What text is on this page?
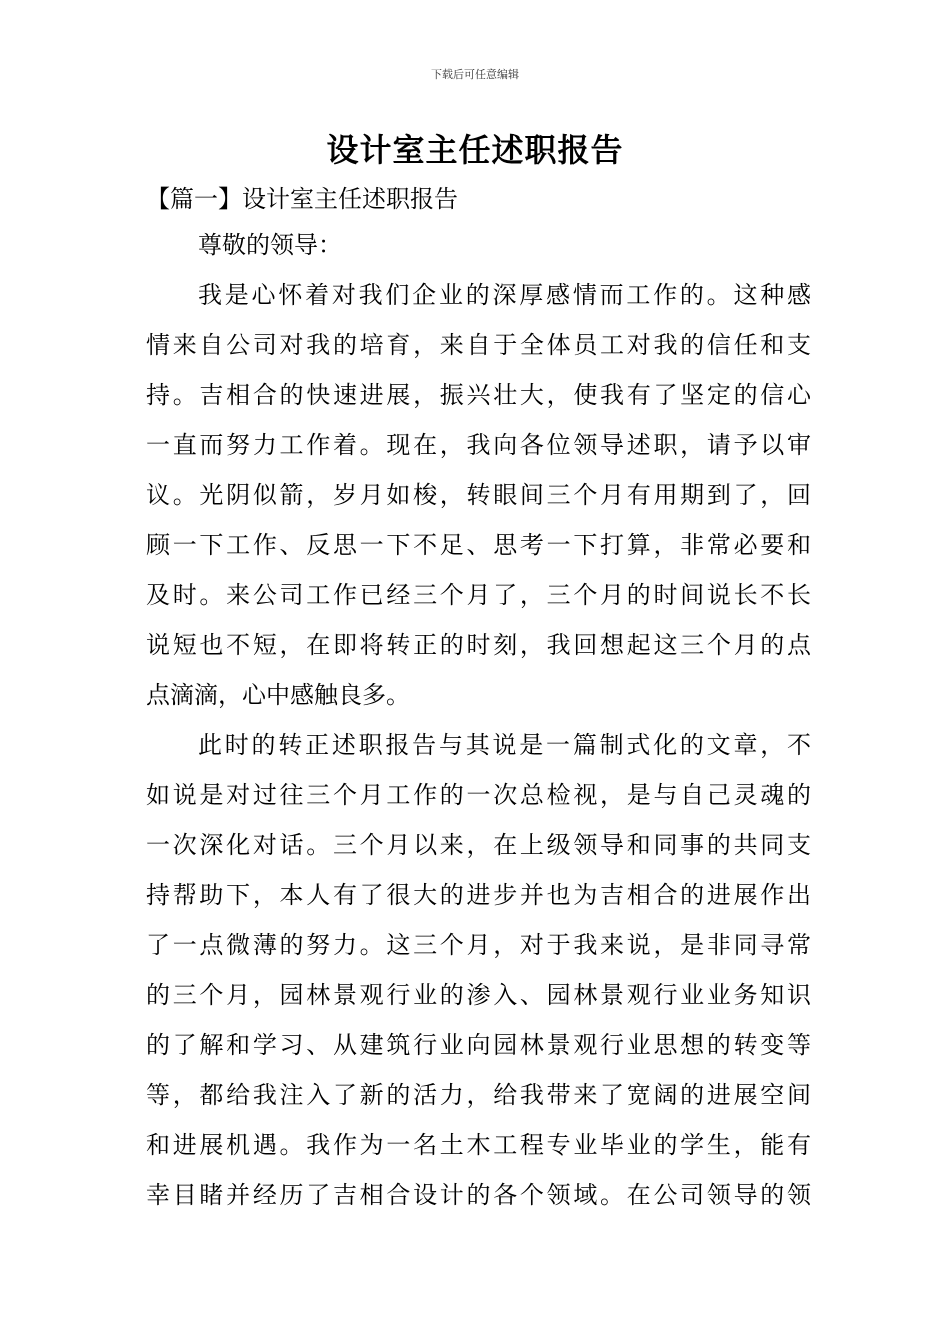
下载后可任意编辑
设计室主任述职报告

【篇一】设计室主任述职报告

尊敬的领导：

我是心怀着对我们企业的深厚感情而工作的。这种感
情来自公司对我的培育，来自于全体员工对我的信任和支
持。吉相合的快速进展，振兴壮大，使我有了坚定的信心
一直而努力工作着。现在，我向各位领导述职，请予以审
议。光阴似箭，岁月如梭，转眼间三个月有用期到了，回
顾一下工作、反思一下不足、思考一下打算，非常必要和
及时。来公司工作已经三个月了，三个月的时间说长不长
说短也不短，在即将转正的时刻，我回想起这三个月的点
点滴滴，心中感触良多。

此时的转正述职报告与其说是一篇制式化的文章，不
如说是对过往三个月工作的一次总检视，是与自己灵魂的
一次深化对话。三个月以来，在上级领导和同事的共同支
持帮助下，本人有了很大的进步并也为吉相合的进展作出
了一点微薄的努力。这三个月，对于我来说，是非同寻常
的三个月，园林景观行业的渗入、园林景观行业业务知识
的了解和学习、从建筑行业向园林景观行业思想的转变等
等，都给我注入了新的活力，给我带来了宽阔的进展空间
和进展机遇。我作为一名土木工程专业毕业的学生，能有
幸目睹并经历了吉相合设计的各个领域。在公司领导的领
